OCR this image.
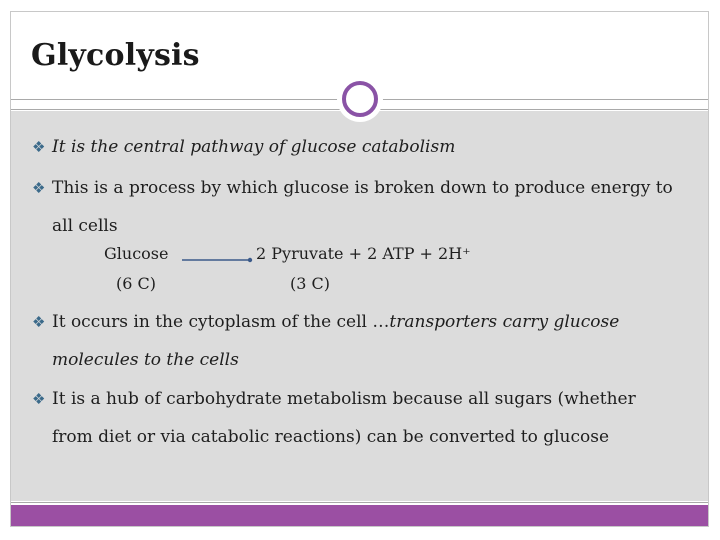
Glycolysis
❖ It is the central pathway of glucose catabolism
❖ This is a process by which glucose is broken down to produce energy to
all cells
Glucose
(6 C)
2 Pyruvate + 2 ATP + 2H⁺
(3 C)
❖ It occurs in the cytoplasm of the cell …transporters carry glucose
molecules to the cells
❖ It is a hub of carbohydrate metabolism because all sugars (whether
from diet or via catabolic reactions) can be converted to glucose
